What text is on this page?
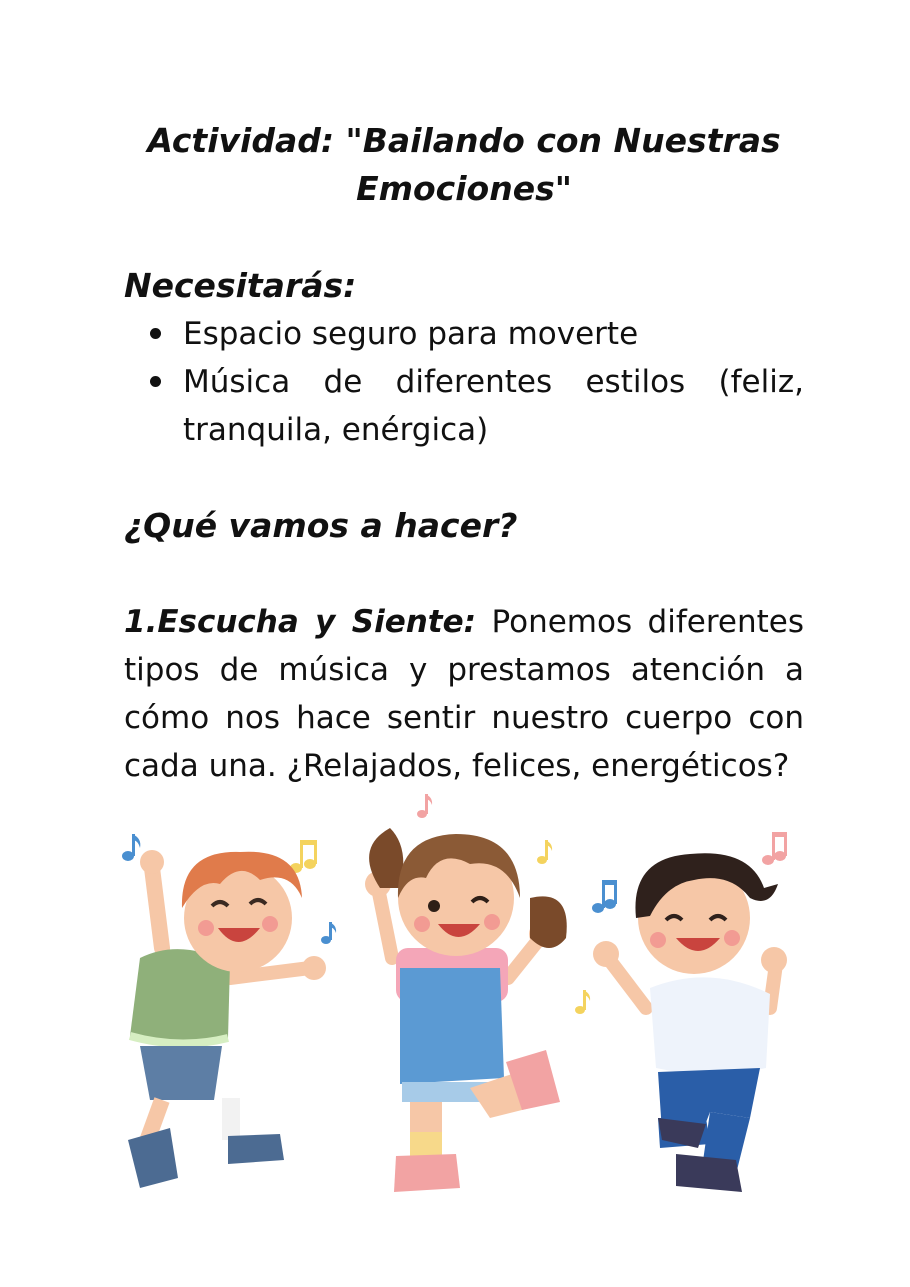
Actividad: "Bailando con Nuestras Emociones"
Necesitarás:
Espacio seguro para moverte
Música de diferentes estilos (feliz, tranquila, enérgica)
¿Qué vamos a hacer?
1.Escucha y Siente: Ponemos diferentes tipos de música y prestamos atención a cómo nos hace sentir nuestro cuerpo con cada una. ¿Relajados, felices, energéticos?
